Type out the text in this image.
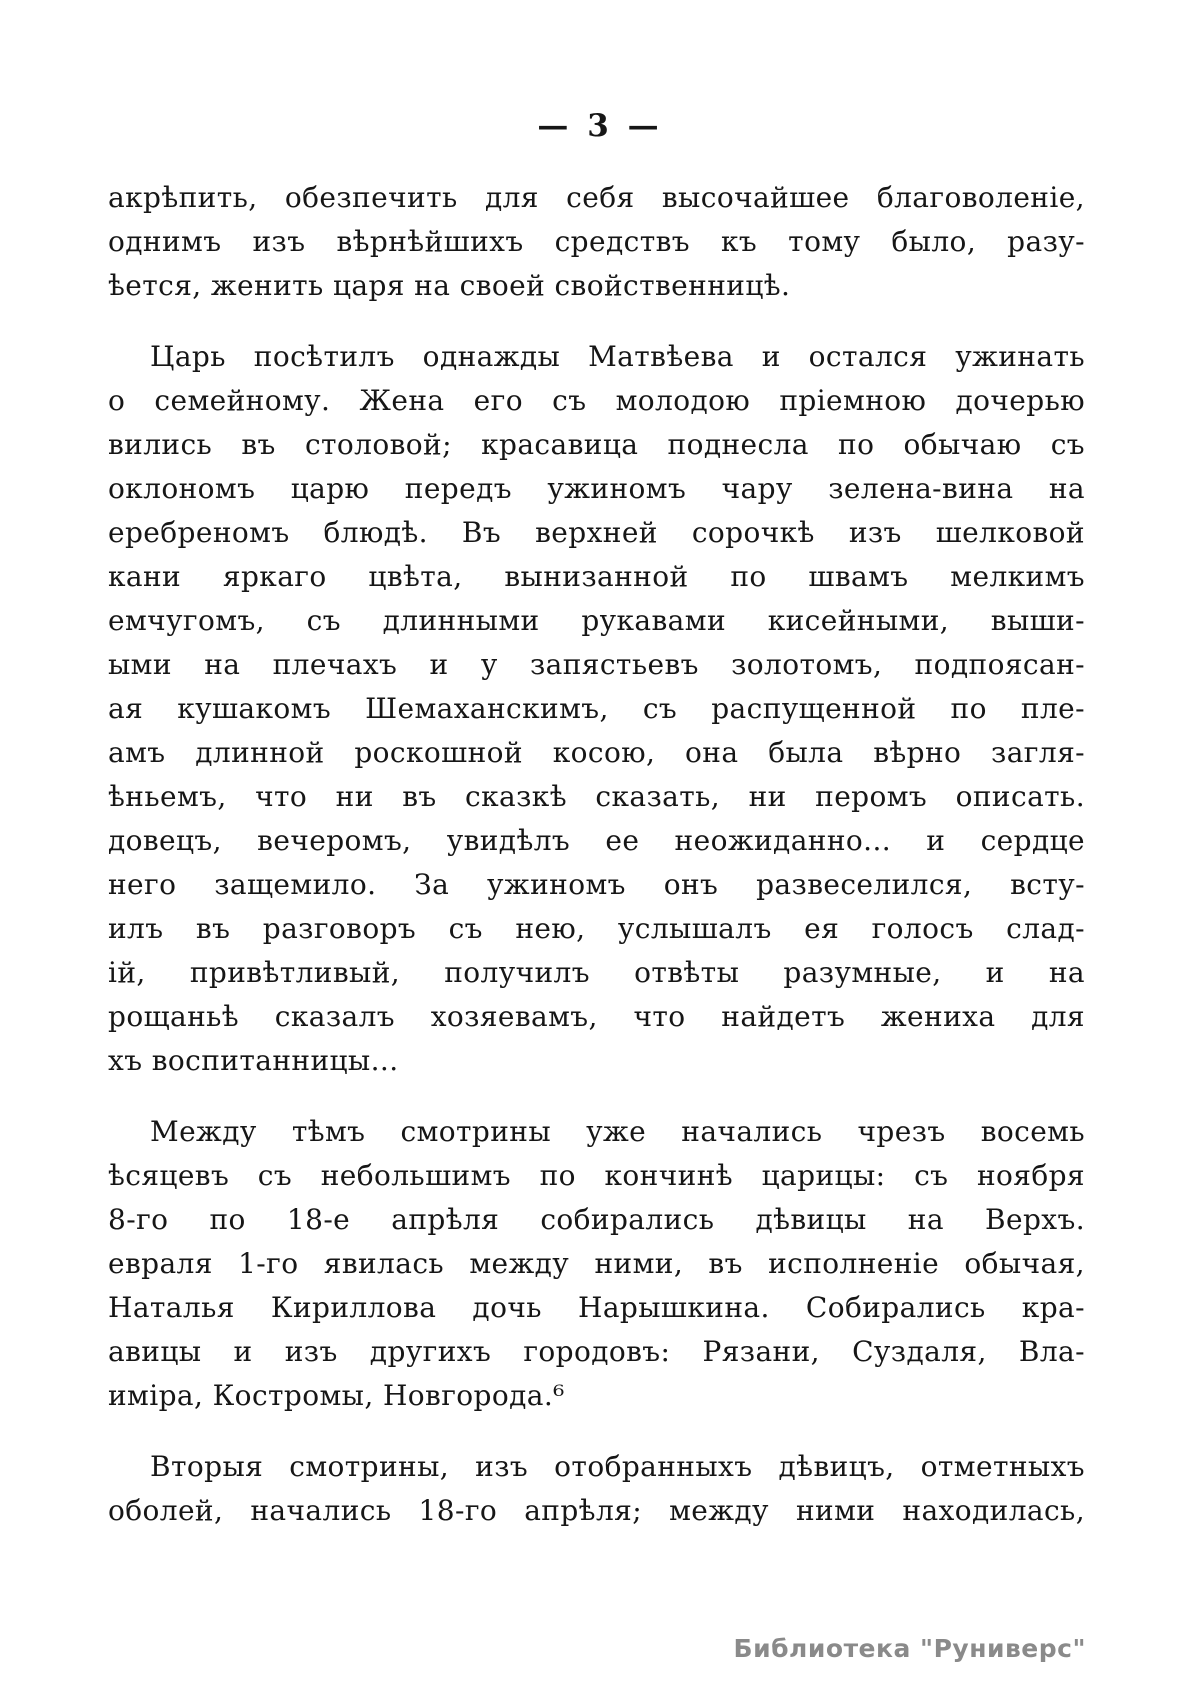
— 3 —
акрѣпить, обезпечить для себя высочайшее благоволеніе,
однимъ изъ вѣрнѣйшихъ средствъ къ тому было, разу-
ѣется, женить царя на своей свойственницѣ.
Царь посѣтилъ однажды Матвѣева и остался ужинать
о семейному. Жена его съ молодою пріемною дочерью
вились въ столовой; красавица поднесла по обычаю съ
оклономъ царю передъ ужиномъ чару зелена-вина на
еребреномъ блюдѣ. Въ верхней сорочкѣ изъ шелковой
кани яркаго цвѣта, вынизанной по швамъ мелкимъ
емчугомъ, съ длинными рукавами кисейными, выши-
ыми на плечахъ и у запястьевъ золотомъ, подпоясан-
ая кушакомъ Шемаханскимъ, съ распущенной по пле-
амъ длинной роскошной косою, она была вѣрно загля-
ѣньемъ, что ни въ сказкѣ сказать, ни перомъ описать.
довецъ, вечеромъ, увидѣлъ ее неожиданно... и сердце
него защемило. За ужиномъ онъ развеселился, всту-
илъ въ разговоръ съ нею, услышалъ ея голосъ слад-
ій, привѣтливый, получилъ отвѣты разумные, и на
рощаньѣ сказалъ хозяевамъ, что найдетъ жениха для
хъ воспитанницы...
Между тѣмъ смотрины уже начались чрезъ восемь
ѣсяцевъ съ небольшимъ по кончинѣ царицы: съ ноября
8-го по 18-е апрѣля собирались дѣвицы на Верхъ.
евраля 1-го явилась между ними, въ исполненіе обычая,
Наталья Кириллова дочь Нарышкина. Собирались кра-
авицы и изъ другихъ городовъ: Рязани, Суздаля, Вла-
иміра, Костромы, Новгорода.⁶
Вторыя смотрины, изъ отобранныхъ дѣвицъ, отметныхъ
оболей, начались 18-го апрѣля; между ними находилась,
Библиотека "Руниверс"
